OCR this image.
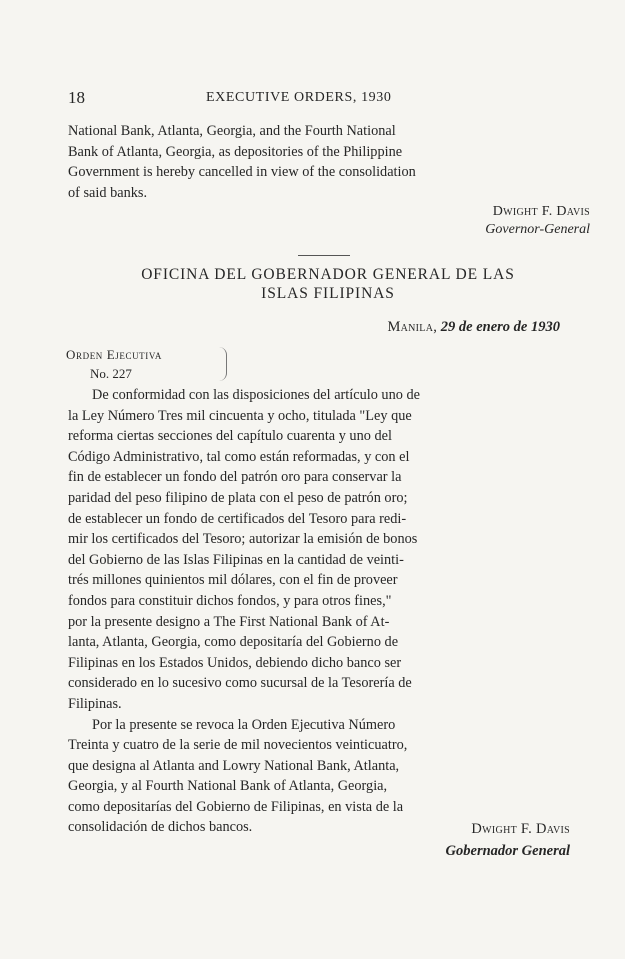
18	EXECUTIVE ORDERS, 1930
National Bank, Atlanta, Georgia, and the Fourth National
Bank of Atlanta, Georgia, as depositories of the Philippine
Government is hereby cancelled in view of the consolidation
of said banks.
Dwight F. Davis
Governor-General
OFICINA DEL GOBERNADOR GENERAL DE LAS
ISLAS FILIPINAS
Manila, 29 de enero de 1930
Orden Ejecutiva
No. 227
De conformidad con las disposiciones del artículo uno de
la Ley Número Tres mil cincuenta y ocho, titulada "Ley que
reforma ciertas secciones del capítulo cuarenta y uno del
Código Administrativo, tal como están reformadas, y con el
fin de establecer un fondo del patrón oro para conservar la
paridad del peso filipino de plata con el peso de patrón oro;
de establecer un fondo de certificados del Tesoro para redi-
mir los certificados del Tesoro; autorizar la emisión de bonos
del Gobierno de las Islas Filipinas en la cantidad de veinti-
trés millones quinientos mil dólares, con el fin de proveer
fondos para constituir dichos fondos, y para otros fines,"
por la presente designo a The First National Bank of At-
lanta, Atlanta, Georgia, como depositaría del Gobierno de
Filipinas en los Estados Unidos, debiendo dicho banco ser
considerado en lo sucesivo como sucursal de la Tesorería de
Filipinas.
Por la presente se revoca la Orden Ejecutiva Número
Treinta y cuatro de la serie de mil novecientos veinticuatro,
que designa al Atlanta and Lowry National Bank, Atlanta,
Georgia, y al Fourth National Bank of Atlanta, Georgia,
como depositarías del Gobierno de Filipinas, en vista de la
consolidación de dichos bancos.	Dwight F. Davis
Gobernador General
